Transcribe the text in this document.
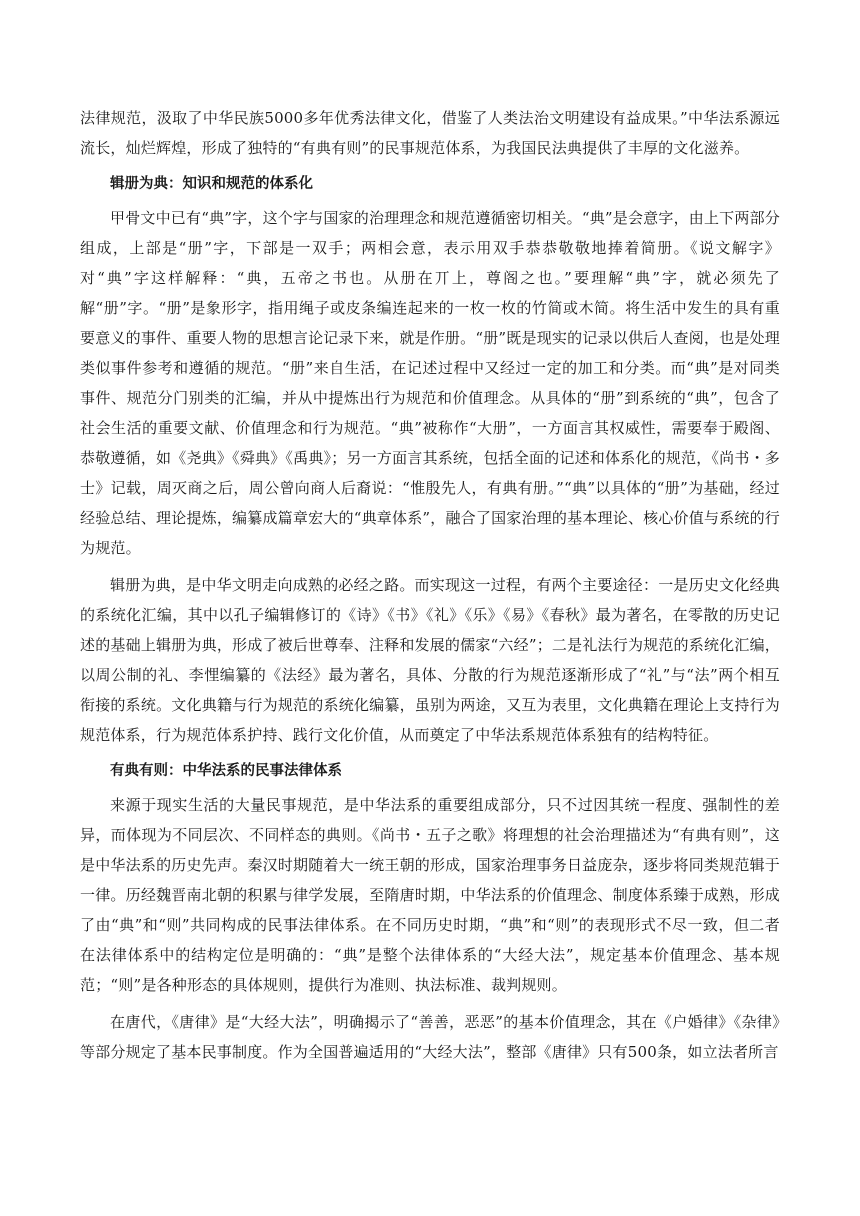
法律规范，汲取了中华民族5000多年优秀法律文化，借鉴了人类法治文明建设有益成果。”中华法系源远流长，灿烂辉煌，形成了独特的“有典有则”的民事规范体系，为我国民法典提供了丰厚的文化滋养。

辑册为典：知识和规范的体系化

甲骨文中已有“典”字，这个字与国家的治理理念和规范遵循密切相关。“典”是会意字，由上下两部分组成，上部是“册”字，下部是一双手；两相会意，表示用双手恭恭敬敬地捧着简册。《说文解字》对“典”字这样解释：“典，五帝之书也。从册在丌上，尊阁之也。”要理解“典”字，就必须先了解“册”字。“册”是象形字，指用绳子或皮条编连起来的一枚一枚的竹简或木简。将生活中发生的具有重要意义的事件、重要人物的思想言论记录下来，就是作册。“册”既是现实的记录以供后人查阅，也是处理类似事件参考和遵循的规范。“册”来自生活，在记述过程中又经过一定的加工和分类。而“典”是对同类事件、规范分门别类的汇编，并从中提炼出行为规范和价值理念。从具体的“册”到系统的“典”，包含了社会生活的重要文献、价值理念和行为规范。“典”被称作“大册”，一方面言其权威性，需要奉于殿阁、恭敬遵循，如《尧典》《舜典》《禹典》；另一方面言其系统，包括全面的记述和体系化的规范，《尚书・多士》记载，周灭商之后，周公曾向商人后裔说：“惟殷先人，有典有册。”“典”以具体的“册”为基础，经过经验总结、理论提炼，编纂成篇章宏大的“典章体系”，融合了国家治理的基本理论、核心价值与系统的行为规范。

辑册为典，是中华文明走向成熟的必经之路。而实现这一过程，有两个主要途径：一是历史文化经典的系统化汇编，其中以孔子编辑修订的《诗》《书》《礼》《乐》《易》《春秋》最为著名，在零散的历史记述的基础上辑册为典，形成了被后世尊奉、注释和发展的儒家“六经”；二是礼法行为规范的系统化汇编，以周公制的礼、李悝编纂的《法经》最为著名，具体、分散的行为规范逐渐形成了“礼”与“法”两个相互衔接的系统。文化典籍与行为规范的系统化编纂，虽别为两途，又互为表里，文化典籍在理论上支持行为规范体系，行为规范体系护持、践行文化价值，从而奠定了中华法系规范体系独有的结构特征。

有典有则：中华法系的民事法律体系

来源于现实生活的大量民事规范，是中华法系的重要组成部分，只不过因其统一程度、强制性的差异，而体现为不同层次、不同样态的典则。《尚书・五子之歌》将理想的社会治理描述为“有典有则”，这是中华法系的历史先声。秦汉时期随着大一统王朝的形成，国家治理事务日益庞杂，逐步将同类规范辑于一律。历经魏晋南北朝的积累与律学发展，至隋唐时期，中华法系的价值理念、制度体系臻于成熟，形成了由“典”和“则”共同构成的民事法律体系。在不同历史时期，“典”和“则”的表现形式不尽一致，但二者在法律体系中的结构定位是明确的：“典”是整个法律体系的“大经大法”，规定基本价值理念、基本规范；“则”是各种形态的具体规则，提供行为准则、执法标准、裁判规则。

在唐代，《唐律》是“大经大法”，明确揭示了“善善，恶恶”的基本价值理念，其在《户婚律》《杂律》等部分规定了基本民事制度。作为全国普遍适用的“大经大法”，整部《唐律》只有500条，如立法者所言
